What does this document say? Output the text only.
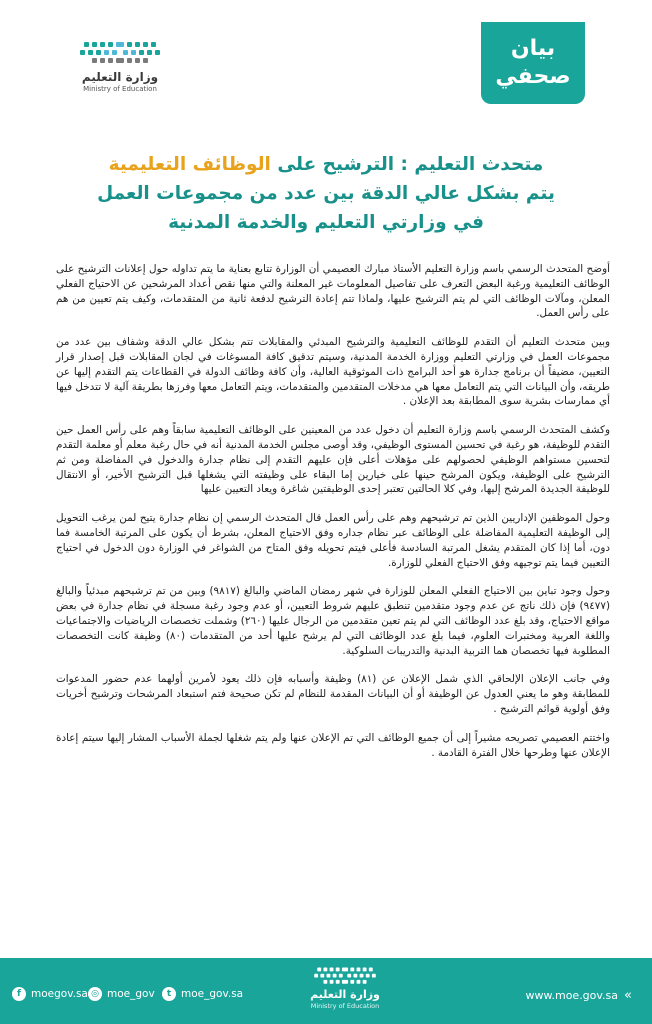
بيان
صحفي
وزارة التعليم
Ministry of Education
متحدث التعليم : الترشيح على الوظائف التعليمية
يتم بشكل عالي الدقة بين عدد من مجموعات العمل
في وزارتي التعليم والخدمة المدنية

أوضح المتحدث الرسمي باسم وزارة التعليم الأستاذ مبارك العصيمي أن الوزارة تتابع بعناية ما يتم تداوله حول إعلانات الترشيح على الوظائف التعليمية ورغبة البعض التعرف على تفاصيل المعلومات غير المعلنة والتي منها نقص أعداد المرشحين عن الاحتياج الفعلي المعلن، ومآلات الوظائف التي لم يتم الترشيح عليها، ولماذا تتم إعادة الترشيح لدفعة ثانية من المتقدمات، وكيف يتم تعيين من هم على رأس العمل.

وبين متحدث التعليم أن التقدم للوظائف التعليمية والترشيح المبدئي والمقابلات تتم بشكل عالي الدقة وشفاف بين عدد من مجموعات العمل في وزارتي التعليم ووزارة الخدمة المدنية، وسيتم تدقيق كافة المسوغات في لجان المقابلات قبل إصدار قرار التعيين، مضيفاً أن برنامج جدارة هو أحد البرامج ذات الموثوقية العالية، وأن كافة وظائف الدولة في القطاعات يتم التقدم إليها عن طريقه، وأن البيانات التي يتم التعامل معها هي مدخلات المتقدمين والمتقدمات، ويتم التعامل معها وفرزها بطريقة آلية لا تتدخل فيها أي ممارسات بشرية سوى المطابقة بعد الإعلان .

وكشف المتحدث الرسمي باسم وزارة التعليم أن دخول عدد من المعينين على الوظائف التعليمية سابقاً وهم على رأس العمل حين التقدم للوظيفة، هو رغبة في تحسين المستوى الوظيفي، وقد أوصى مجلس الخدمة المدنية أنه في حال رغبة معلم أو معلمة التقدم لتحسين مستواهم الوظيفي لحصولهم على مؤهلات أعلى فإن عليهم التقدم إلى نظام جدارة والدخول في المفاضلة ومن ثم الترشيح على الوظيفة، ويكون المرشح حينها على خيارين إما البقاء على وظيفته التي يشغلها قبل الترشيح الأخير، أو الانتقال للوظيفة الجديدة المرشح إليها، وفي كلا الحالتين تعتبر إحدى الوظيفتين شاغرة ويعاد التعيين عليها

وحول الموظفين الإداريين الذين تم ترشيحهم وهم على رأس العمل قال المتحدث الرسمي إن نظام جدارة يتيح لمن يرغب التحويل إلى الوظيفة التعليمية المفاضلة على الوظائف عبر نظام جداره وفق الاحتياج المعلن، بشرط أن يكون على المرتبة الخامسة فما دون، أما إذا كان المتقدم يشغل المرتبة السادسة فأعلى فيتم تحويله وفق المتاح من الشواغر في الوزارة دون الدخول في احتياج التعيين فيما يتم توجيهه وفق الاحتياج الفعلي للوزارة.

وحول وجود تباين بين الاحتياج الفعلي المعلن للوزارة في شهر رمضان الماضي والبالغ (٩٨١٧) وبين من تم ترشيحهم مبدئياً والبالغ (٩٤٧٧) فإن ذلك ناتج عن عدم وجود متقدمين تنطبق عليهم شروط التعيين، أو عدم وجود رغبة مسجلة في نظام جدارة في بعض مواقع الاحتياج، وقد بلغ عدد الوظائف التي لم يتم تعين متقدمين من الرجال عليها (٢٦٠) وشملت تخصصات الرياضيات والاجتماعيات واللغة العربية ومختبرات العلوم، فيما بلغ عدد الوظائف التي لم يرشح عليها أحد من المتقدمات (٨٠) وظيفة كانت التخصصات المطلوبة فيها تخصصان هما التربية البدنية والتدريبات السلوكية.

وفي جانب الإعلان الإلحاقي الذي شمل الإعلان عن (٨١) وظيفة وأسبابه فإن ذلك يعود لأمرين أولهما عدم حضور المدعوات للمطابقة وهو ما يعني العدول عن الوظيفة أو أن البيانات المقدمة للنظام لم تكن صحيحة فتم استبعاد المرشحات وترشيح أخريات وفق أولوية قوائم الترشيح .

واختتم العصيمي تصريحه مشيراً إلى أن جميع الوظائف التي تم الإعلان عنها ولم يتم شغلها لجملة الأسباب المشار إليها سيتم إعادة الإعلان عنها وطرحها خلال الفترة القادمة .

f moegov.sa ◎ moe_gov	t moe_gov.sa	وزارة التعليم
Ministry of Education
www.moe.gov.sa «
